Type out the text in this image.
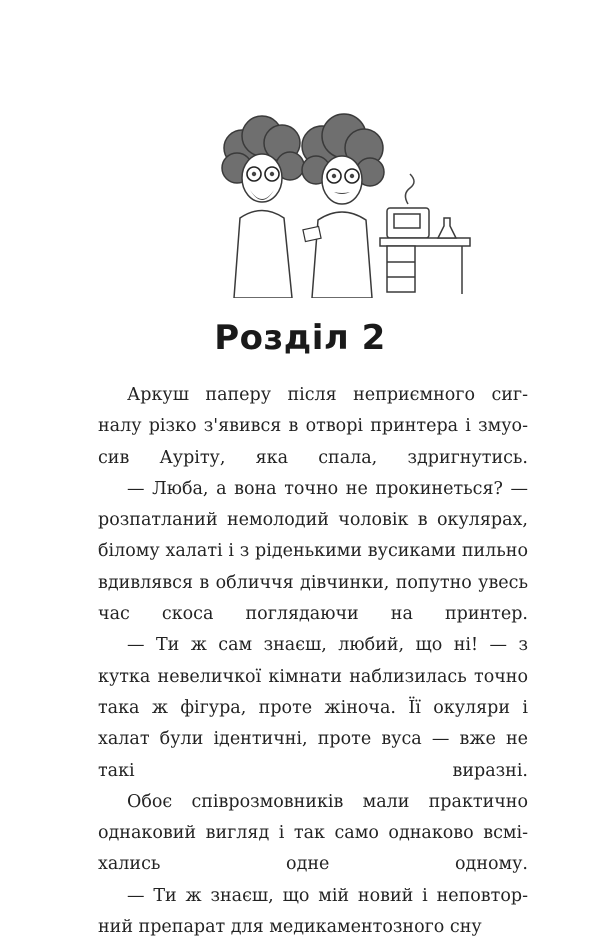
Розділ 2

Аркуш паперу після неприємного сиг- налу різко з'явився в отворі принтера і змуо- сив Ауріту, яка спала, здригнутись.

— Люба, а вона точно не прокинеться? — розпатланий немолодий чоловік в окулярах, білому халаті і з ріденькими вусиками пильно вдивлявся в обличчя дівчинки, попутно увесь час скоса поглядаючи на принтер.

— Ти ж сам знаєш, любий, що ні! — з кутка невеличкої кімнати наблизилась точно така ж фігура, проте жіноча. Її окуляри і халат були ідентичні, проте вуса — вже не такі виразні.

Обоє співрозмовників мали практично однаковий вигляд і так само однаково всмі- хались одне одному.

— Ти ж знаєш, що мій новий і неповтор- ний препарат для медикаментозного сну
